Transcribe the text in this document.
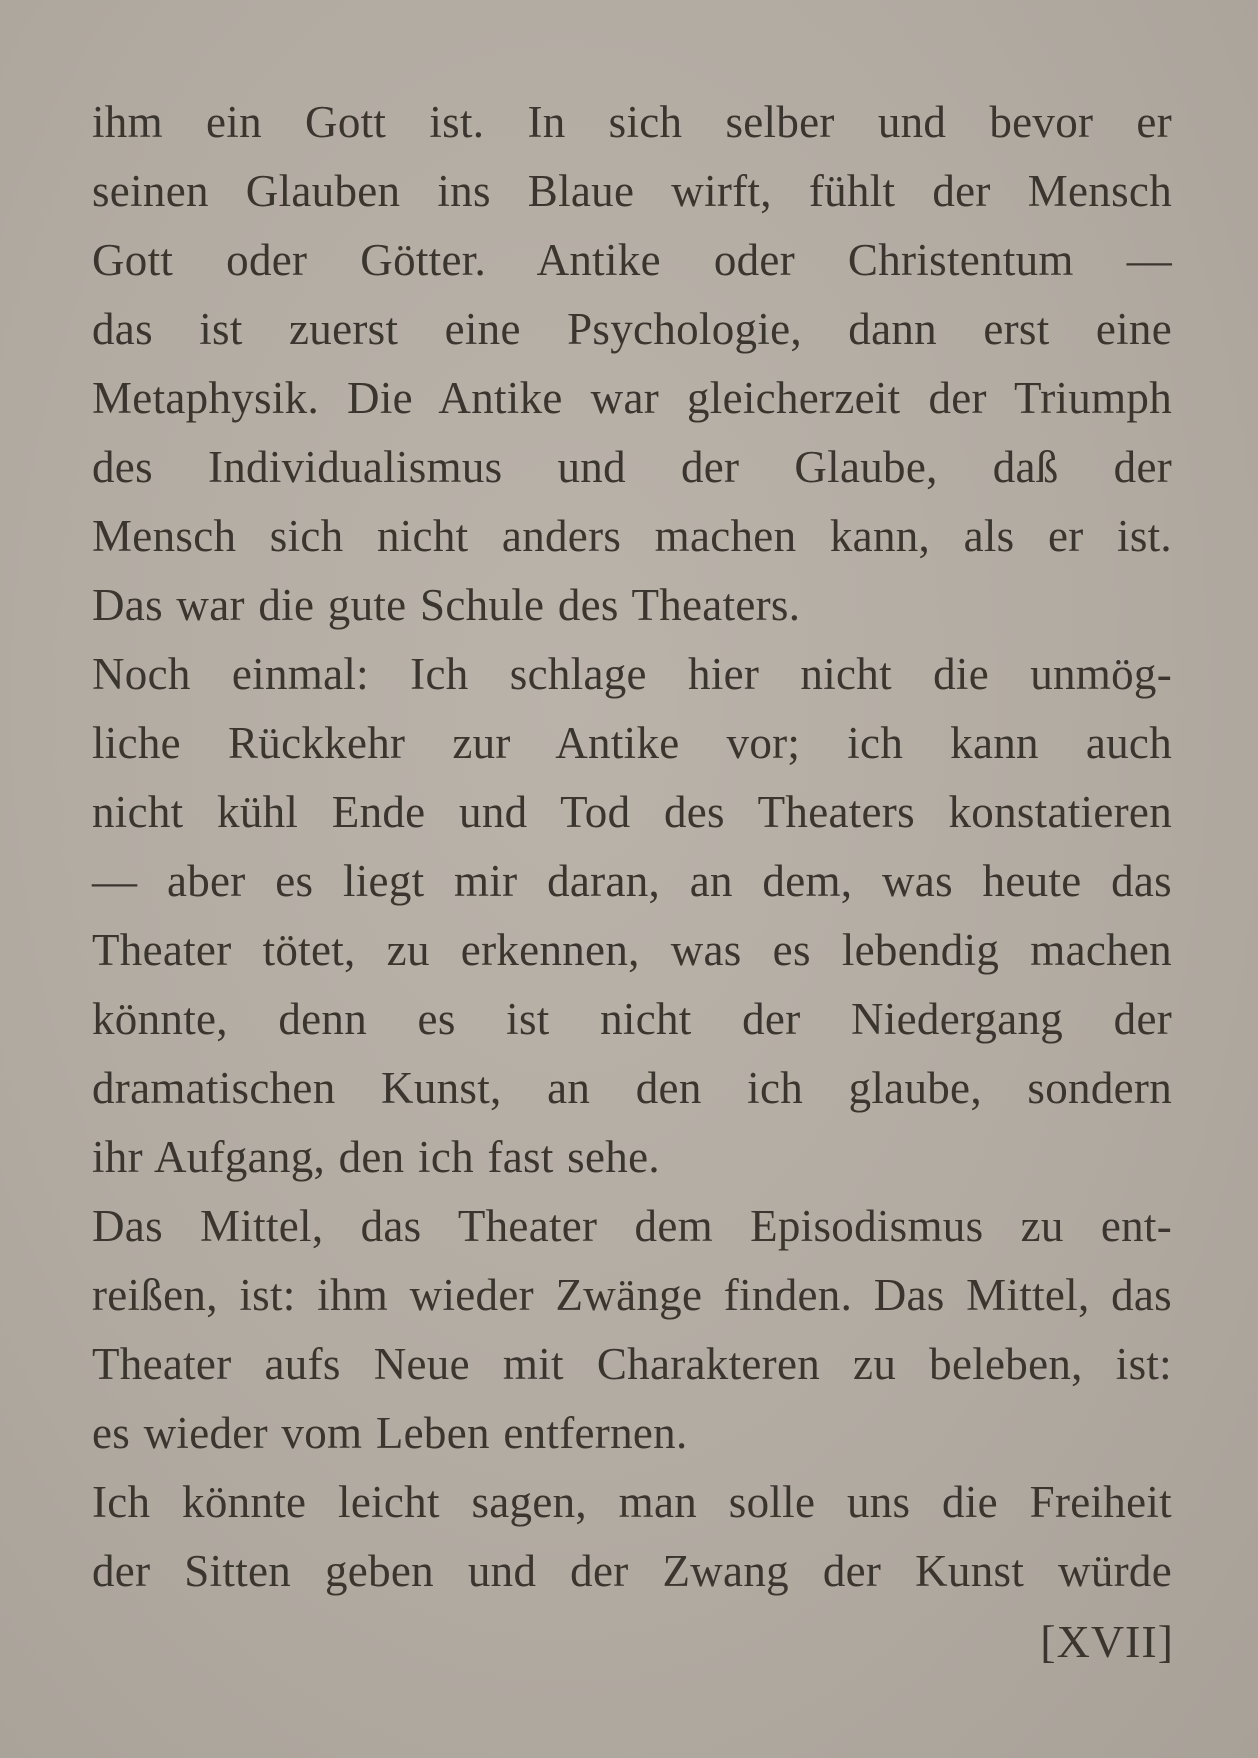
ihm ein Gott ist. In sich selber und bevor er
seinen Glauben ins Blaue wirft, fühlt der Mensch
Gott oder Götter. Antike oder Christentum —
das ist zuerst eine Psychologie, dann erst eine
Metaphysik. Die Antike war gleicherzeit der Triumph
des Individualismus und der Glaube, daß der
Mensch sich nicht anders machen kann, als er ist.
Das war die gute Schule des Theaters.
Noch einmal: Ich schlage hier nicht die unmög-
liche Rückkehr zur Antike vor; ich kann auch
nicht kühl Ende und Tod des Theaters konstatieren
— aber es liegt mir daran, an dem, was heute das
Theater tötet, zu erkennen, was es lebendig machen
könnte, denn es ist nicht der Niedergang der
dramatischen Kunst, an den ich glaube, sondern
ihr Aufgang, den ich fast sehe.
Das Mittel, das Theater dem Episodismus zu ent-
reißen, ist: ihm wieder Zwänge finden. Das Mittel, das
Theater aufs Neue mit Charakteren zu beleben, ist:
es wieder vom Leben entfernen.
Ich könnte leicht sagen, man solle uns die Freiheit
der Sitten geben und der Zwang der Kunst würde
[XVII]
